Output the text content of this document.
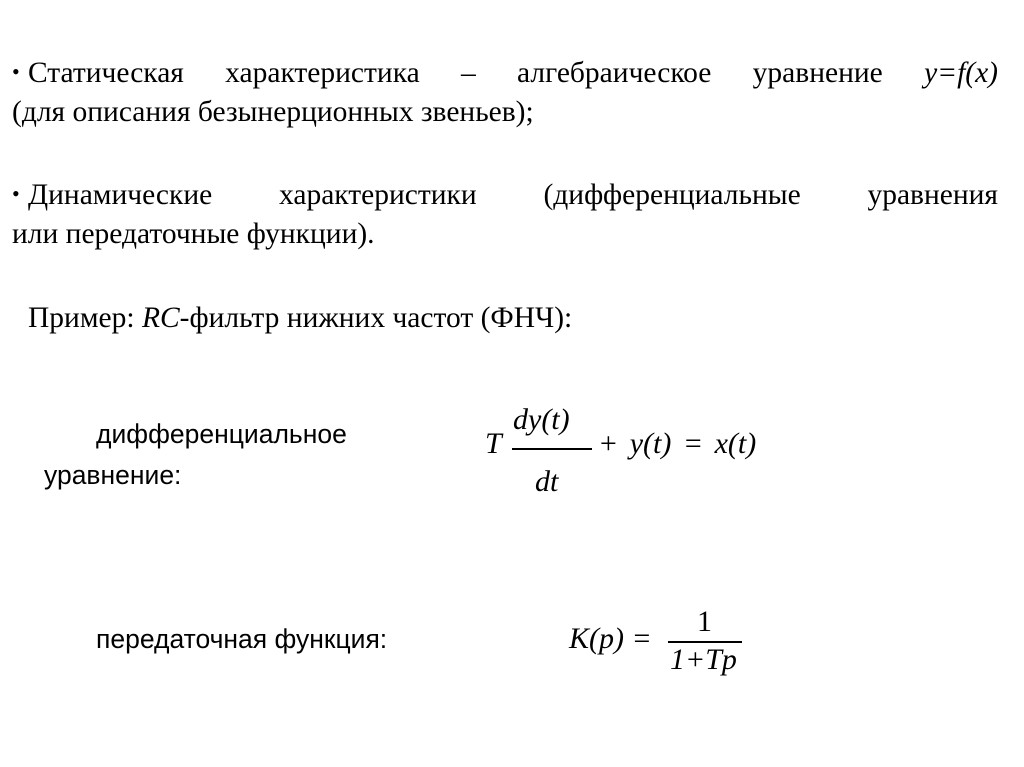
• Статическая характеристика – алгебраическое уравнение y=f(x)
(для описания безынерционных звеньев);
• Динамические характеристики (дифференциальные уравнения
или передаточные функции).

Пример: RC-фильтр нижних частот (ФНЧ):

дифференциальное

уравнение:

T
dy(t)
dt
+ y(t) = x(t)

передаточная функция:	K(p) =
1
1+Tp
